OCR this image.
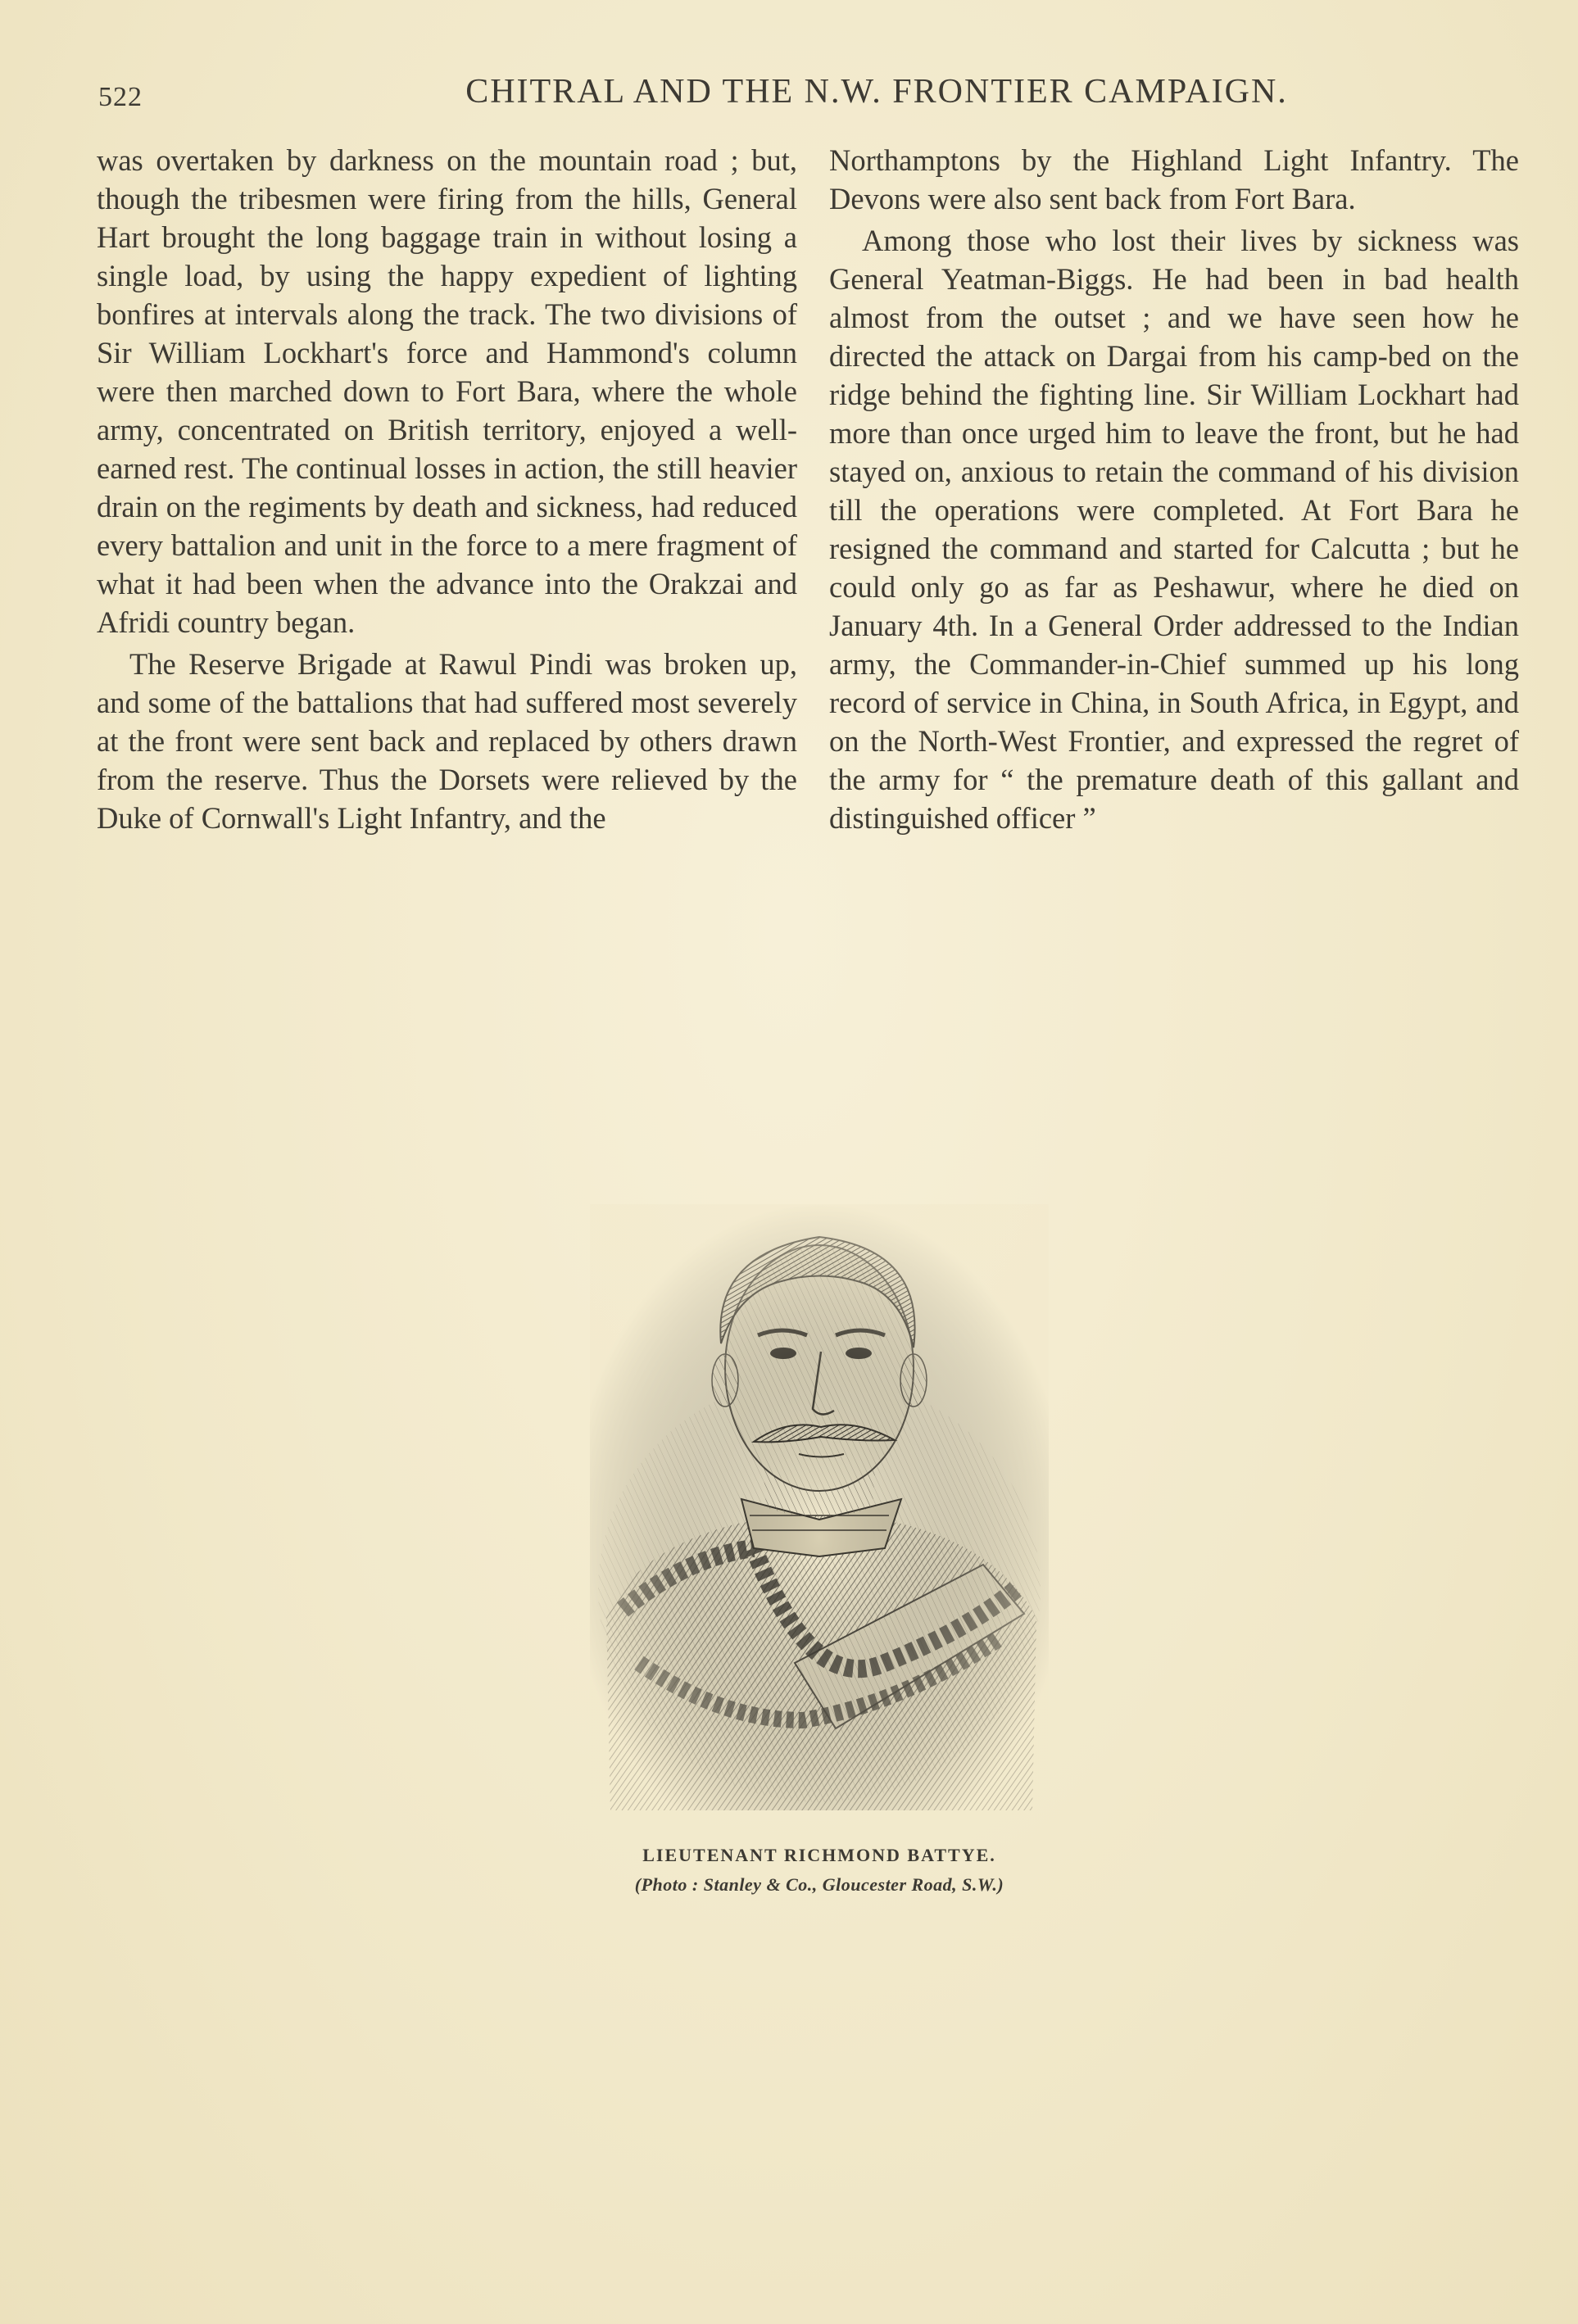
522	CHITRAL AND THE N.W. FRONTIER CAMPAIGN.

was overtaken by darkness on the mountain road ; but, though the tribesmen were firing from the hills, General Hart brought the long baggage train in without losing a single load, by using the happy expedient of lighting bonfires at intervals along the track. The two divisions of Sir William Lockhart's force and Hammond's column were then marched down to Fort Bara, where the whole army, concentrated on British territory, enjoyed a well-earned rest. The continual losses in action, the still heavier drain on the regiments by death and sickness, had reduced every battalion and unit in the force to a mere fragment of what it had been when the advance into the Orakzai and Afridi country began.

The Reserve Brigade at Rawul Pindi was broken up, and some of the battalions that had suffered most severely at the front were sent back and replaced by others drawn from the reserve. Thus the Dorsets were relieved by the Duke of Cornwall's Light Infantry, and the

Northamptons by the Highland Light Infantry. The Devons were also sent back from Fort Bara.

Among those who lost their lives by sickness was General Yeatman-Biggs. He had been in bad health almost from the outset ; and we have seen how he directed the attack on Dargai from his camp-bed on the ridge behind the fighting line. Sir William Lockhart had more than once urged him to leave the front, but he had stayed on, anxious to retain the command of his division till the operations were completed. At Fort Bara he resigned the command and started for Calcutta ; but he could only go as far as Peshawur, where he died on January 4th. In a General Order addressed to the Indian army, the Commander-in-Chief summed up his long record of service in China, in South Africa, in Egypt, and on the North-West Frontier, and expressed the regret of the army for “ the premature death of this gallant and distinguished officer ”

LIEUTENANT RICHMOND BATTYE.
(Photo : Stanley & Co., Gloucester Road, S.W.)
